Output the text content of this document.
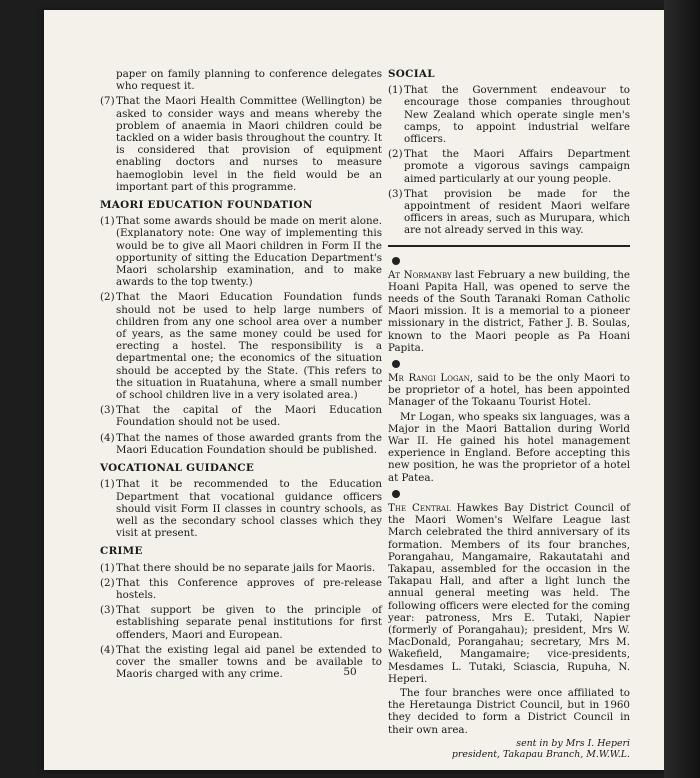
paper on family planning to conference delegates who request it.
(7) That the Maori Health Committee (Wellington) be asked to consider ways and means whereby the problem of anaemia in Maori children could be tackled on a wider basis throughout the country. It is considered that provision of equipment enabling doctors and nurses to measure haemoglobin level in the field would be an important part of this programme.
MAORI EDUCATION FOUNDATION
(1) That some awards should be made on merit alone. (Explanatory note: One way of implementing this would be to give all Maori children in Form II the opportunity of sitting the Education Department's Maori scholarship examination, and to make awards to the top twenty.)
(2) That the Maori Education Foundation funds should not be used to help large numbers of children from any one school area over a number of years, as the same money could be used for erecting a hostel. The responsibility is a departmental one; the economics of the situation should be accepted by the State. (This refers to the situation in Ruatahuna, where a small number of school children live in a very isolated area.)
(3) That the capital of the Maori Education Foundation should not be used.
(4) That the names of those awarded grants from the Maori Education Foundation should be published.
VOCATIONAL GUIDANCE
(1) That it be recommended to the Education Department that vocational guidance officers should visit Form II classes in country schools, as well as the secondary school classes which they visit at present.
CRIME
(1) That there should be no separate jails for Maoris.
(2) That this Conference approves of pre-release hostels.
(3) That support be given to the principle of establishing separate penal institutions for first offenders, Maori and European.
(4) That the existing legal aid panel be extended to cover the smaller towns and be available to Maoris charged with any crime.
SOCIAL
(1) That the Government endeavour to encourage those companies throughout New Zealand which operate single men's camps, to appoint industrial welfare officers.
(2) That the Maori Affairs Department promote a vigorous savings campaign aimed particularly at our young people.
(3) That provision be made for the appointment of resident Maori welfare officers in areas, such as Murupara, which are not already served in this way.

At Normanby last February a new building, the Hoani Papita Hall, was opened to serve the needs of the South Taranaki Roman Catholic Maori mission. It is a memorial to a pioneer missionary in the district, Father J. B. Soulas, known to the Maori people as Pa Hoani Papita.

Mr Rangi Logan, said to be the only Maori to be proprietor of a hotel, has been appointed Manager of the Tokaanu Tourist Hotel.

Mr Logan, who speaks six languages, was a Major in the Maori Battalion during World War II. He gained his hotel management experience in England. Before accepting this new position, he was the proprietor of a hotel at Patea.

The Central Hawkes Bay District Council of the Maori Women's Welfare League last March celebrated the third anniversary of its formation. Members of its four branches, Porangahau, Mangamaire, Rakautatahi and Takapau, assembled for the occasion in the Takapau Hall, and after a light lunch the annual general meeting was held. The following officers were elected for the coming year: patroness, Mrs E. Tutaki, Napier (formerly of Porangahau); president, Mrs W. MacDonald, Porangahau; secretary, Mrs M. Wakefield, Mangamaire; vice-presidents, Mesdames L. Tutaki, Sciascia, Rupuha, N. Heperi.

The four branches were once affiliated to the Heretaunga District Council, but in 1960 they decided to form a District Council in their own area.

sent in by Mrs I. Heperi

president, Takapau Branch, M.W.W.L.

50
